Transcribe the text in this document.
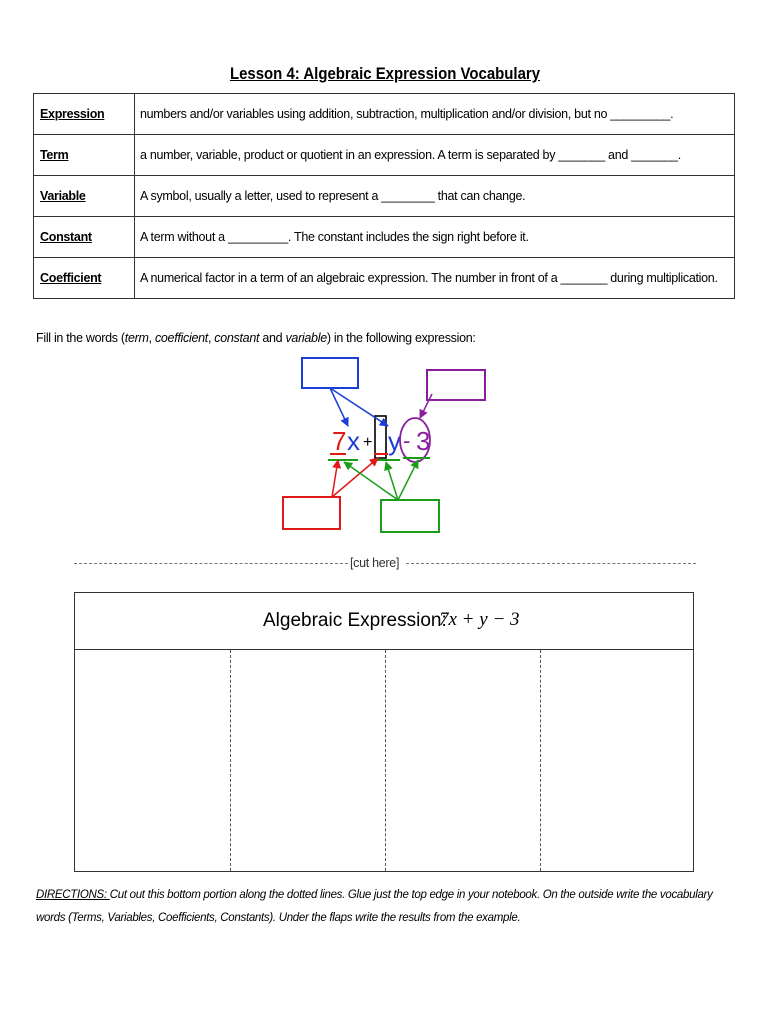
Lesson 4: Algebraic Expression Vocabulary
Expression	numbers and/or variables using addition, subtraction, multiplication and/or division, but no _________.
Term	a number, variable, product or quotient in an expression. A term is separated by _______ and _______.
Variable	A symbol, usually a letter, used to represent a ________ that can change.
Constant	A term without a _________. The constant includes the sign right before it.
Coefficient	A numerical factor in a term of an algebraic expression. The number in front of a _______ during multiplication.
Fill in the words (term, coefficient, constant and variable) in the following expression:
7 x + y - 3
[cut here]
Algebraic Expression:
7x + y − 3
DIRECTIONS: Cut out this bottom portion along the dotted lines. Glue just the top edge in your notebook. On the outside write the vocabulary words (Terms, Variables, Coefficients, Constants). Under the flaps write the results from the example.
